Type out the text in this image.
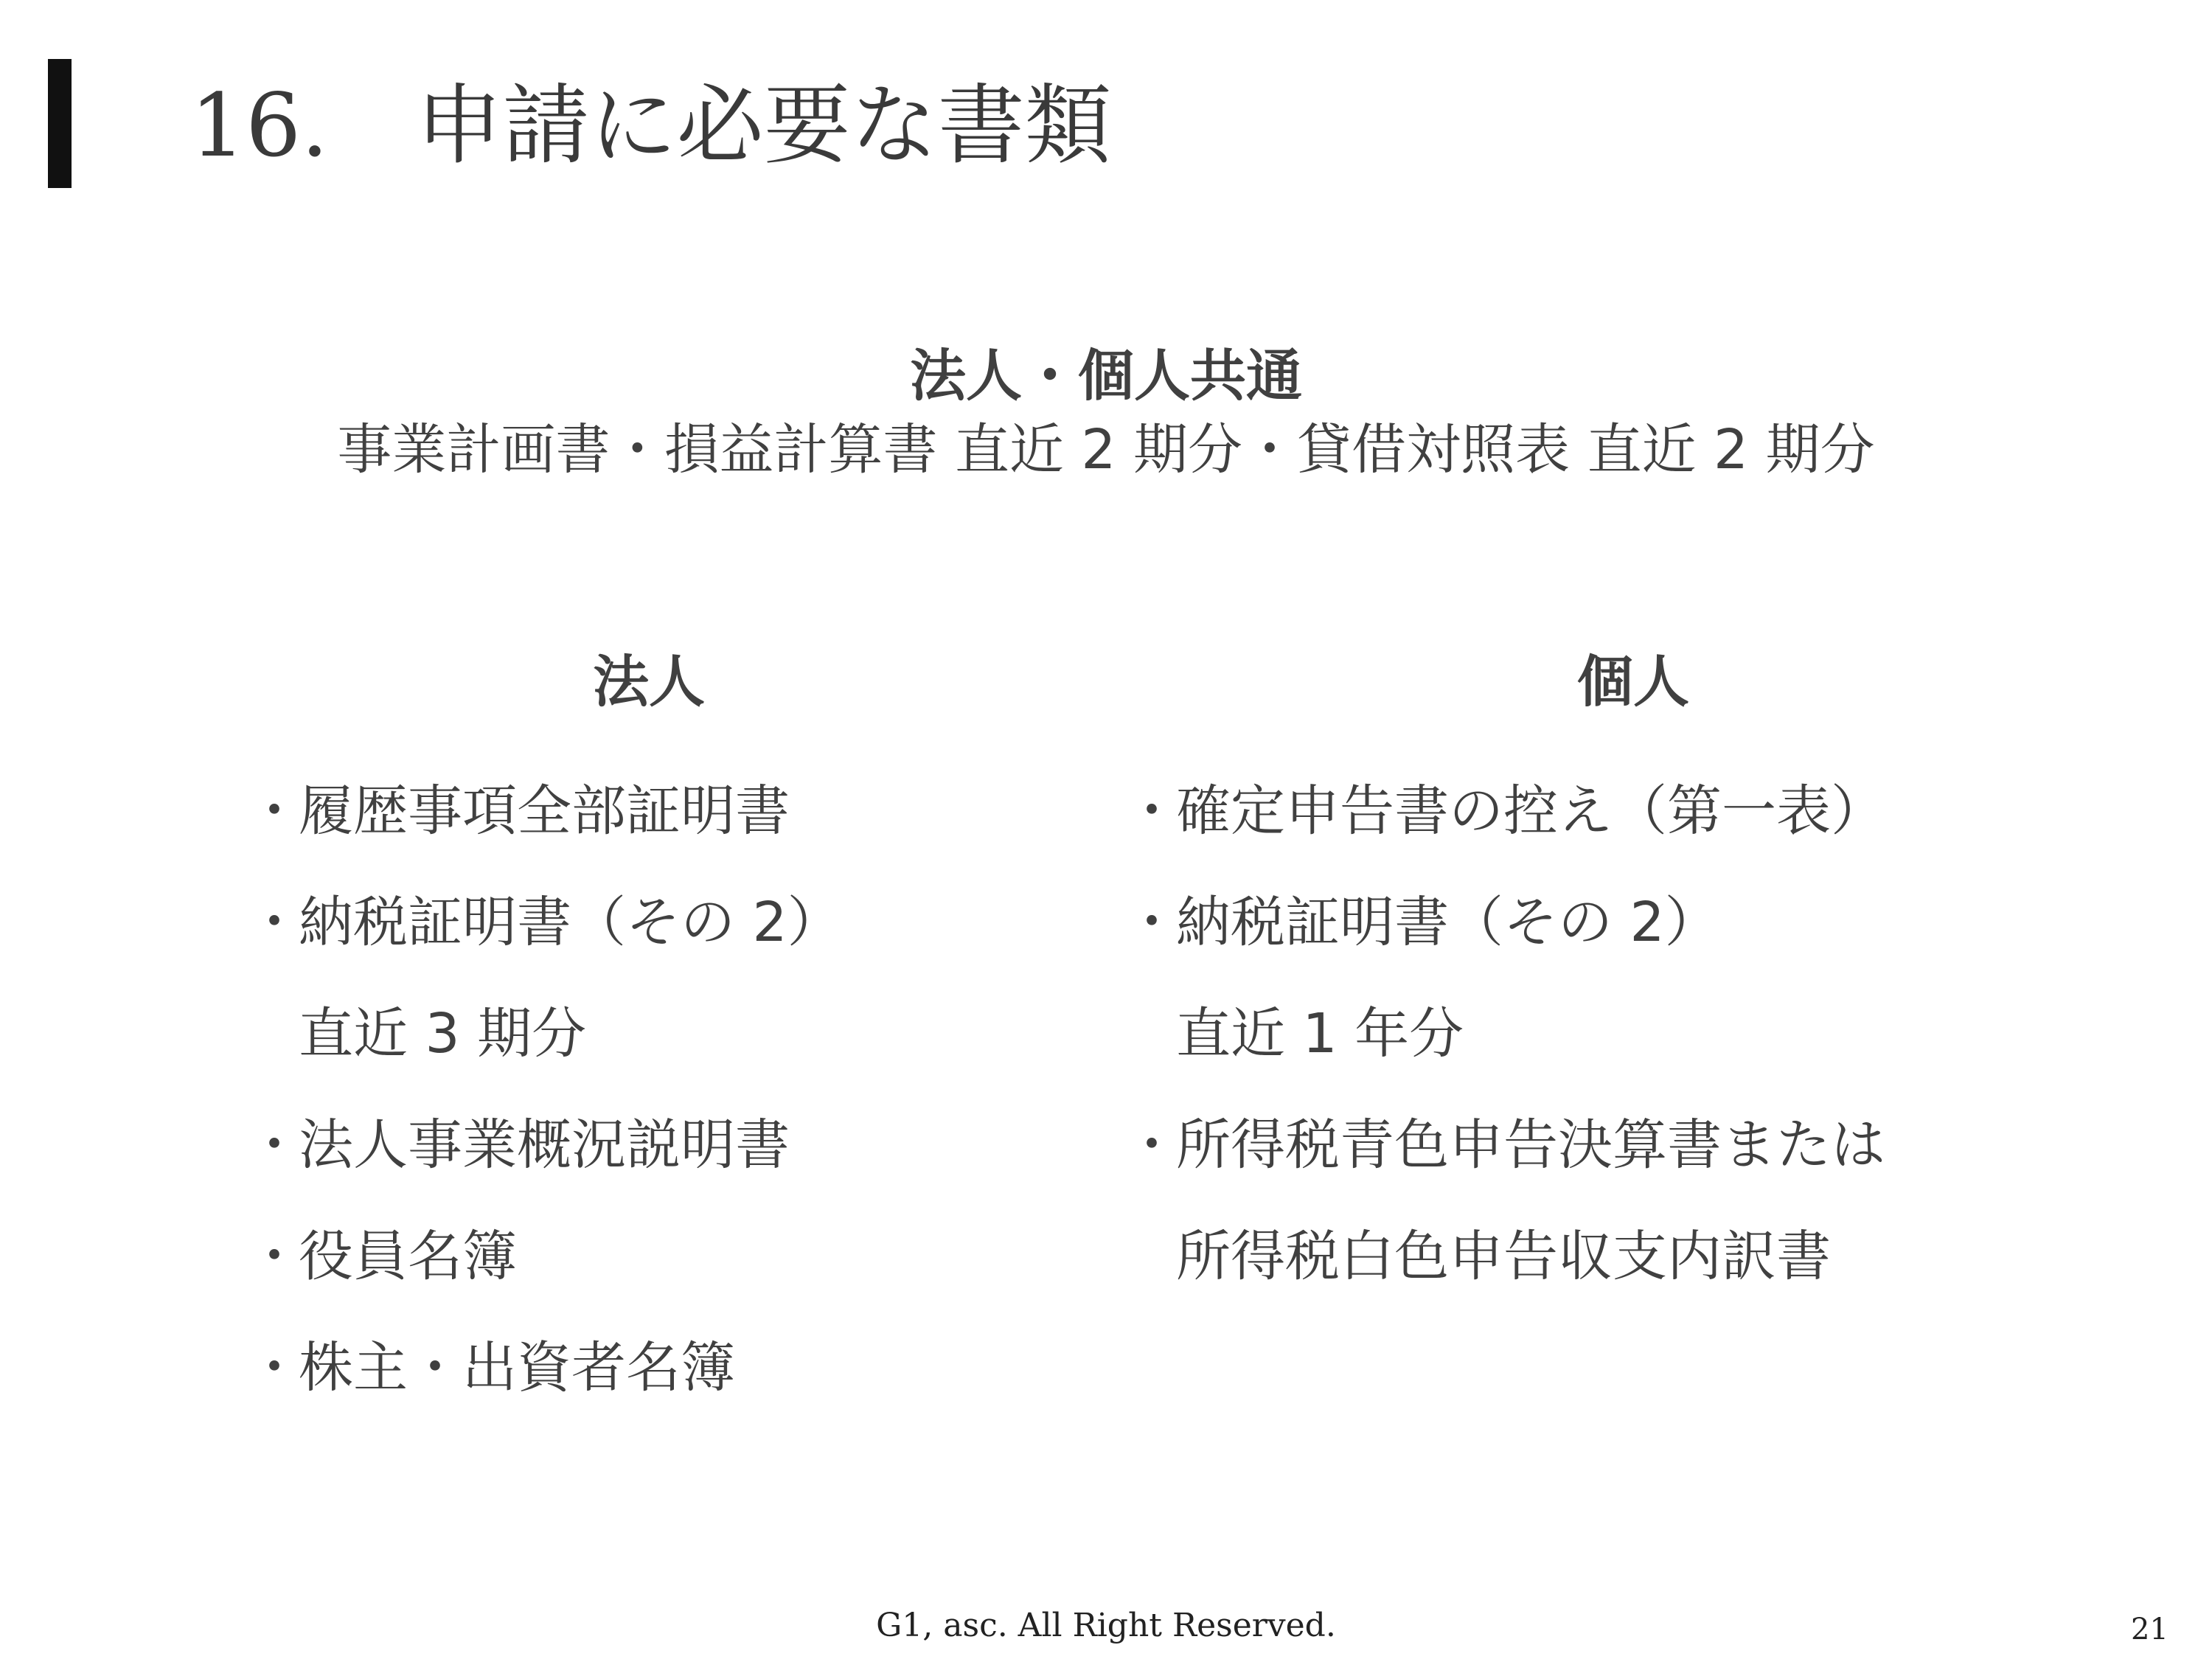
16.　申請に必要な書類
法人・個人共通
事業計画書・損益計算書 直近 2 期分・貸借対照表 直近 2 期分
法人	個人
・履歴事項全部証明書
・納税証明書（その 2）
直近 3 期分
・法人事業概況説明書
・役員名簿
・株主・出資者名簿
・確定申告書の控え（第一表）
・納税証明書（その 2）
直近 1 年分
・所得税青色申告決算書または
所得税白色申告収支内訳書
G1, asc. All Right Reserved.	21
